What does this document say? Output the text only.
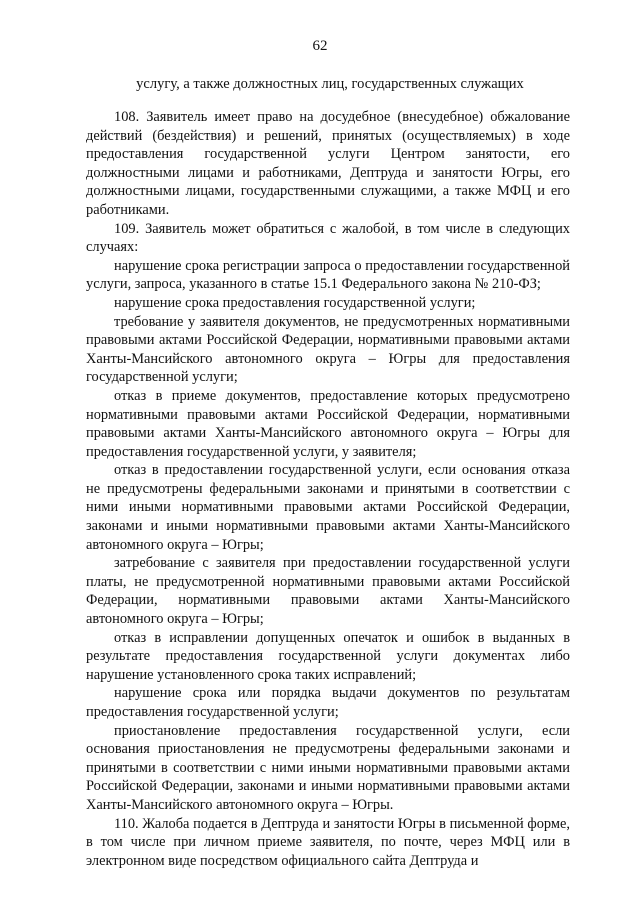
62
услугу, а также должностных лиц, государственных служащих

108. Заявитель имеет право на досудебное (внесудебное) обжалование действий (бездействия) и решений, принятых (осуществляемых) в ходе предоставления государственной услуги Центром занятости, его должностными лицами и работниками, Дептруда и занятости Югры, его должностными лицами, государственными служащими, а также МФЦ и его работниками.

109. Заявитель может обратиться с жалобой, в том числе в следующих случаях:

нарушение срока регистрации запроса о предоставлении государственной услуги, запроса, указанного в статье 15.1 Федерального закона № 210-ФЗ;

нарушение срока предоставления государственной услуги;

требование у заявителя документов, не предусмотренных нормативными правовыми актами Российской Федерации, нормативными правовыми актами Ханты-Мансийского автономного округа – Югры для предоставления государственной услуги;

отказ в приеме документов, предоставление которых предусмотрено нормативными правовыми актами Российской Федерации, нормативными правовыми актами Ханты-Мансийского автономного округа – Югры для предоставления государственной услуги, у заявителя;

отказ в предоставлении государственной услуги, если основания отказа не предусмотрены федеральными законами и принятыми в соответствии с ними иными нормативными правовыми актами Российской Федерации, законами и иными нормативными правовыми актами Ханты-Мансийского автономного округа – Югры;

затребование с заявителя при предоставлении государственной услуги платы, не предусмотренной нормативными правовыми актами Российской Федерации, нормативными правовыми актами Ханты-Мансийского автономного округа – Югры;

отказ в исправлении допущенных опечаток и ошибок в выданных в результате предоставления государственной услуги документах либо нарушение установленного срока таких исправлений;

нарушение срока или порядка выдачи документов по результатам предоставления государственной услуги;

приостановление предоставления государственной услуги, если основания приостановления не предусмотрены федеральными законами и принятыми в соответствии с ними иными нормативными правовыми актами Российской Федерации, законами и иными нормативными правовыми актами Ханты-Мансийского автономного округа – Югры.

110. Жалоба подается в Дептруда и занятости Югры в письменной форме, в том числе при личном приеме заявителя, по почте, через МФЦ или в электронном виде посредством официального сайта Дептруда и
